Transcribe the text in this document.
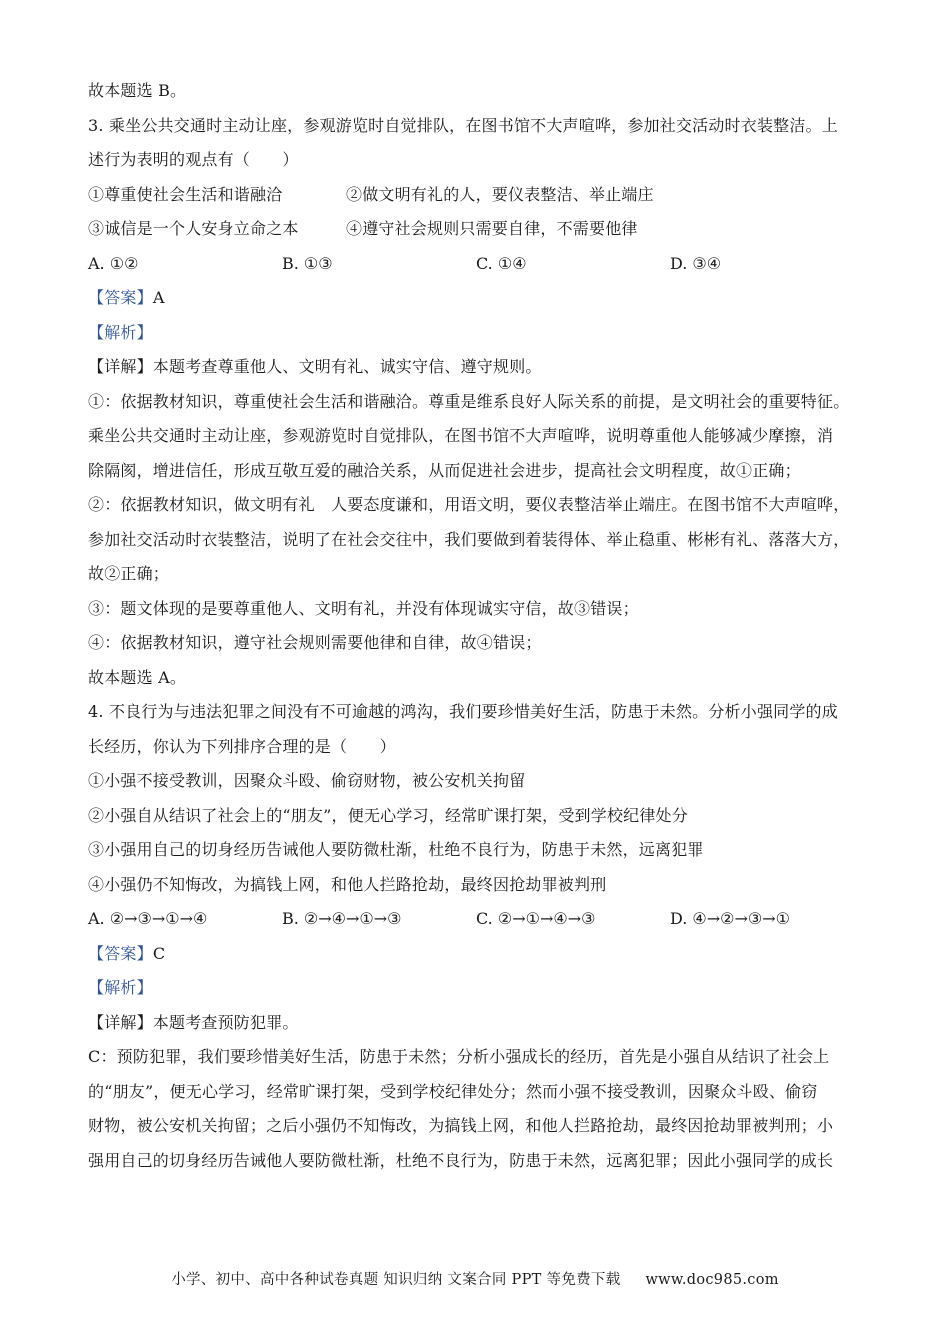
故本题选 B。
3. 乘坐公共交通时主动让座，参观游览时自觉排队，在图书馆不大声喧哗，参加社交活动时衣装整洁。上
述行为表明的观点有（　　）
①尊重使社会生活和谐融洽	②做文明有礼的人，要仪表整洁、举止端庄
③诚信是一个人安身立命之本	④遵守社会规则只需要自律，不需要他律
A. ①②	B. ①③	C. ①④	D. ③④
【答案】A
【解析】
【详解】本题考查尊重他人、文明有礼、诚实守信、遵守规则。
①：依据教材知识，尊重使社会生活和谐融洽。尊重是维系良好人际关系的前提，是文明社会的重要特征。
乘坐公共交通时主动让座，参观游览时自觉排队，在图书馆不大声喧哗，说明尊重他人能够减少摩擦，消
除隔阂，增进信任，形成互敬互爱的融洽关系，从而促进社会进步，提高社会文明程度，故①正确；
②：依据教材知识，做文明有礼　人要态度谦和，用语文明，要仪表整洁举止端庄。在图书馆不大声喧哗，
参加社交活动时衣装整洁，说明了在社会交往中，我们要做到着装得体、举止稳重、彬彬有礼、落落大方，
故②正确；
③：题文体现的是要尊重他人、文明有礼，并没有体现诚实守信，故③错误；
④：依据教材知识，遵守社会规则需要他律和自律，故④错误；
故本题选 A。
4. 不良行为与违法犯罪之间没有不可逾越的鸿沟，我们要珍惜美好生活，防患于未然。分析小强同学的成
长经历，你认为下列排序合理的是（　　）
①小强不接受教训，因聚众斗殴、偷窃财物，被公安机关拘留
②小强自从结识了社会上的“朋友”，便无心学习，经常旷课打架，受到学校纪律处分
③小强用自己的切身经历告诫他人要防微杜渐，杜绝不良行为，防患于未然，远离犯罪
④小强仍不知悔改，为搞钱上网，和他人拦路抢劫，最终因抢劫罪被判刑
A. ②→③→①→④	B. ②→④→①→③	C. ②→①→④→③	D. ④→②→③→①
【答案】C
【解析】
【详解】本题考查预防犯罪。
C：预防犯罪，我们要珍惜美好生活，防患于未然；分析小强成长的经历，首先是小强自从结识了社会上
的“朋友”，便无心学习，经常旷课打架，受到学校纪律处分；然而小强不接受教训，因聚众斗殴、偷窃
财物，被公安机关拘留；之后小强仍不知悔改，为搞钱上网，和他人拦路抢劫，最终因抢劫罪被判刑；小
强用自己的切身经历告诫他人要防微杜渐，杜绝不良行为，防患于未然，远离犯罪；因此小强同学的成长
小学、初中、高中各种试卷真题 知识归纳 文案合同 PPT 等免费下载 www.doc985.com
